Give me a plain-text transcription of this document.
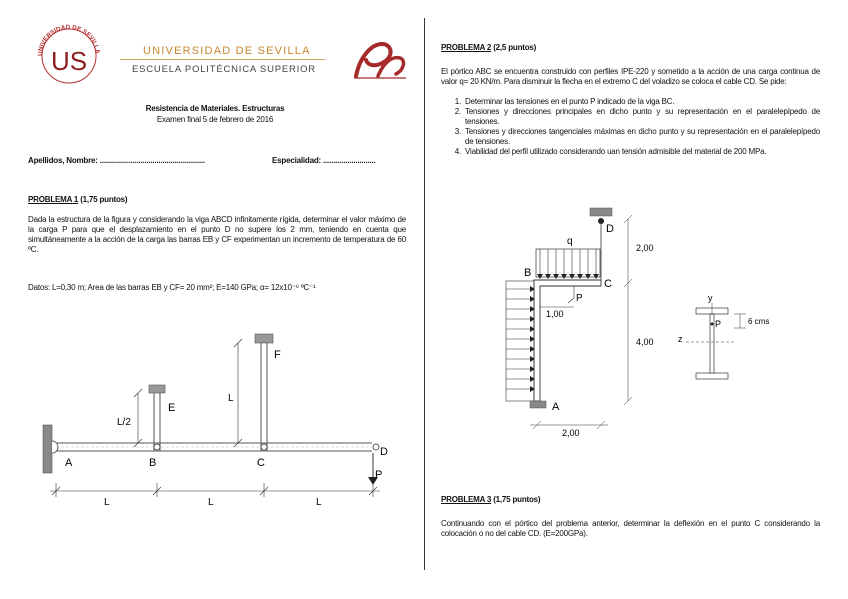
UNIVERSIDAD DE SEVILLA
US	UNIVERSIDAD DE SEVILLA
ESCUELA POLITÉCNICA SUPERIOR
Resistencia de Materiales. Estructuras
Examen final 5 de febrero de 2016
Apellidos, Nombre: ....................................................	Especialidad: ..........................
PROBLEMA 1 (1,75 puntos)
Dada la estructura de la figura y considerando la viga ABCD infinitamente rígida, determinar el valor máximo de la carga P para que el desplazamiento en el punto D no supere los 2 mm, teniendo en cuenta que simultáneamente a la acción de la carga las barras EB y CF experimentan un incremento de temperatura de 60 ºC.
Datos: L=0,30 m; Area de las barras EB y CF= 20 mm²; E=140 GPa; α= 12x10⁻⁶ ºC⁻¹
A	B	C
D
E
F
P
L
L/2
L	L	L
PROBLEMA 2 (2,5 puntos)
El pórtico ABC se encuentra construido con perfiles IPE-220 y sometido a la acción de una carga continua de valor q= 20 KN/m. Para disminuir la flecha en el extremo C del voladizo se coloca el cable CD. Se pide:
1. Determinar las tensiones en el punto P indicado de la viga BC.
2. Tensiones y direcciones principales en dicho punto y su representación en el paralelepípedo de tensiones.
3. Tensiones y direcciones tangenciales máximas en dicho punto y su representación en el paralelepípedo de tensiones.
4. Viabilidad del perfil utilizado considerando uan tensión admisible del material de 200 MPa.
D
q
B
C
P
1,00
A
2,00
4,00
2,00
y
z
P	6 cms
PROBLEMA 3 (1,75 puntos)
Continuando con el pórtico del problema anterior, determinar la deflexión en el punto C considerando la colocación o no del cable CD. (E=200GPa).
